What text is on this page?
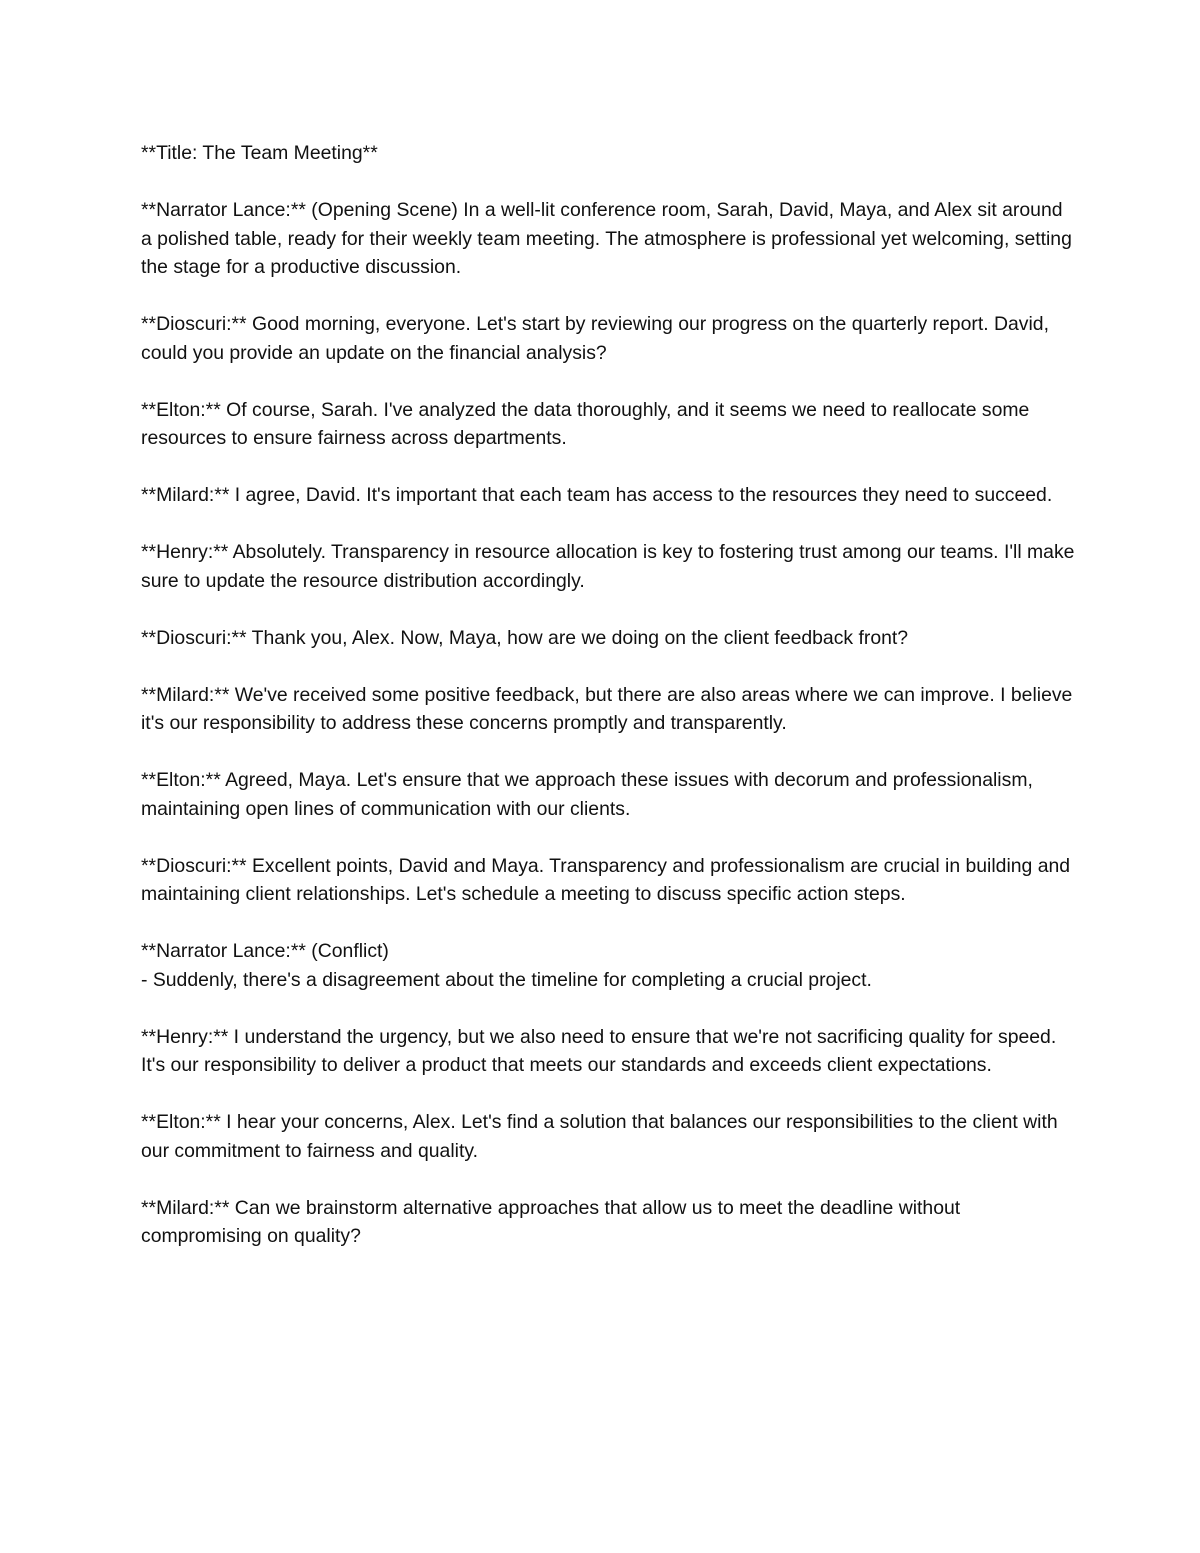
**Title: The Team Meeting**

**Narrator Lance:** (Opening Scene) In a well-lit conference room, Sarah, David, Maya, and Alex sit around a polished table, ready for their weekly team meeting. The atmosphere is professional yet welcoming, setting the stage for a productive discussion.

**Dioscuri:** Good morning, everyone. Let's start by reviewing our progress on the quarterly report. David, could you provide an update on the financial analysis?

**Elton:** Of course, Sarah. I've analyzed the data thoroughly, and it seems we need to reallocate some resources to ensure fairness across departments.

**Milard:** I agree, David. It's important that each team has access to the resources they need to succeed.

**Henry:** Absolutely. Transparency in resource allocation is key to fostering trust among our teams. I'll make sure to update the resource distribution accordingly.

**Dioscuri:** Thank you, Alex. Now, Maya, how are we doing on the client feedback front?

**Milard:** We've received some positive feedback, but there are also areas where we can improve. I believe it's our responsibility to address these concerns promptly and transparently.

**Elton:** Agreed, Maya. Let's ensure that we approach these issues with decorum and professionalism, maintaining open lines of communication with our clients.

**Dioscuri:** Excellent points, David and Maya. Transparency and professionalism are crucial in building and maintaining client relationships. Let's schedule a meeting to discuss specific action steps.

**Narrator Lance:** (Conflict)
- Suddenly, there's a disagreement about the timeline for completing a crucial project.

**Henry:** I understand the urgency, but we also need to ensure that we're not sacrificing quality for speed. It's our responsibility to deliver a product that meets our standards and exceeds client expectations.

**Elton:** I hear your concerns, Alex. Let's find a solution that balances our responsibilities to the client with our commitment to fairness and quality.

**Milard:** Can we brainstorm alternative approaches that allow us to meet the deadline without compromising on quality?
